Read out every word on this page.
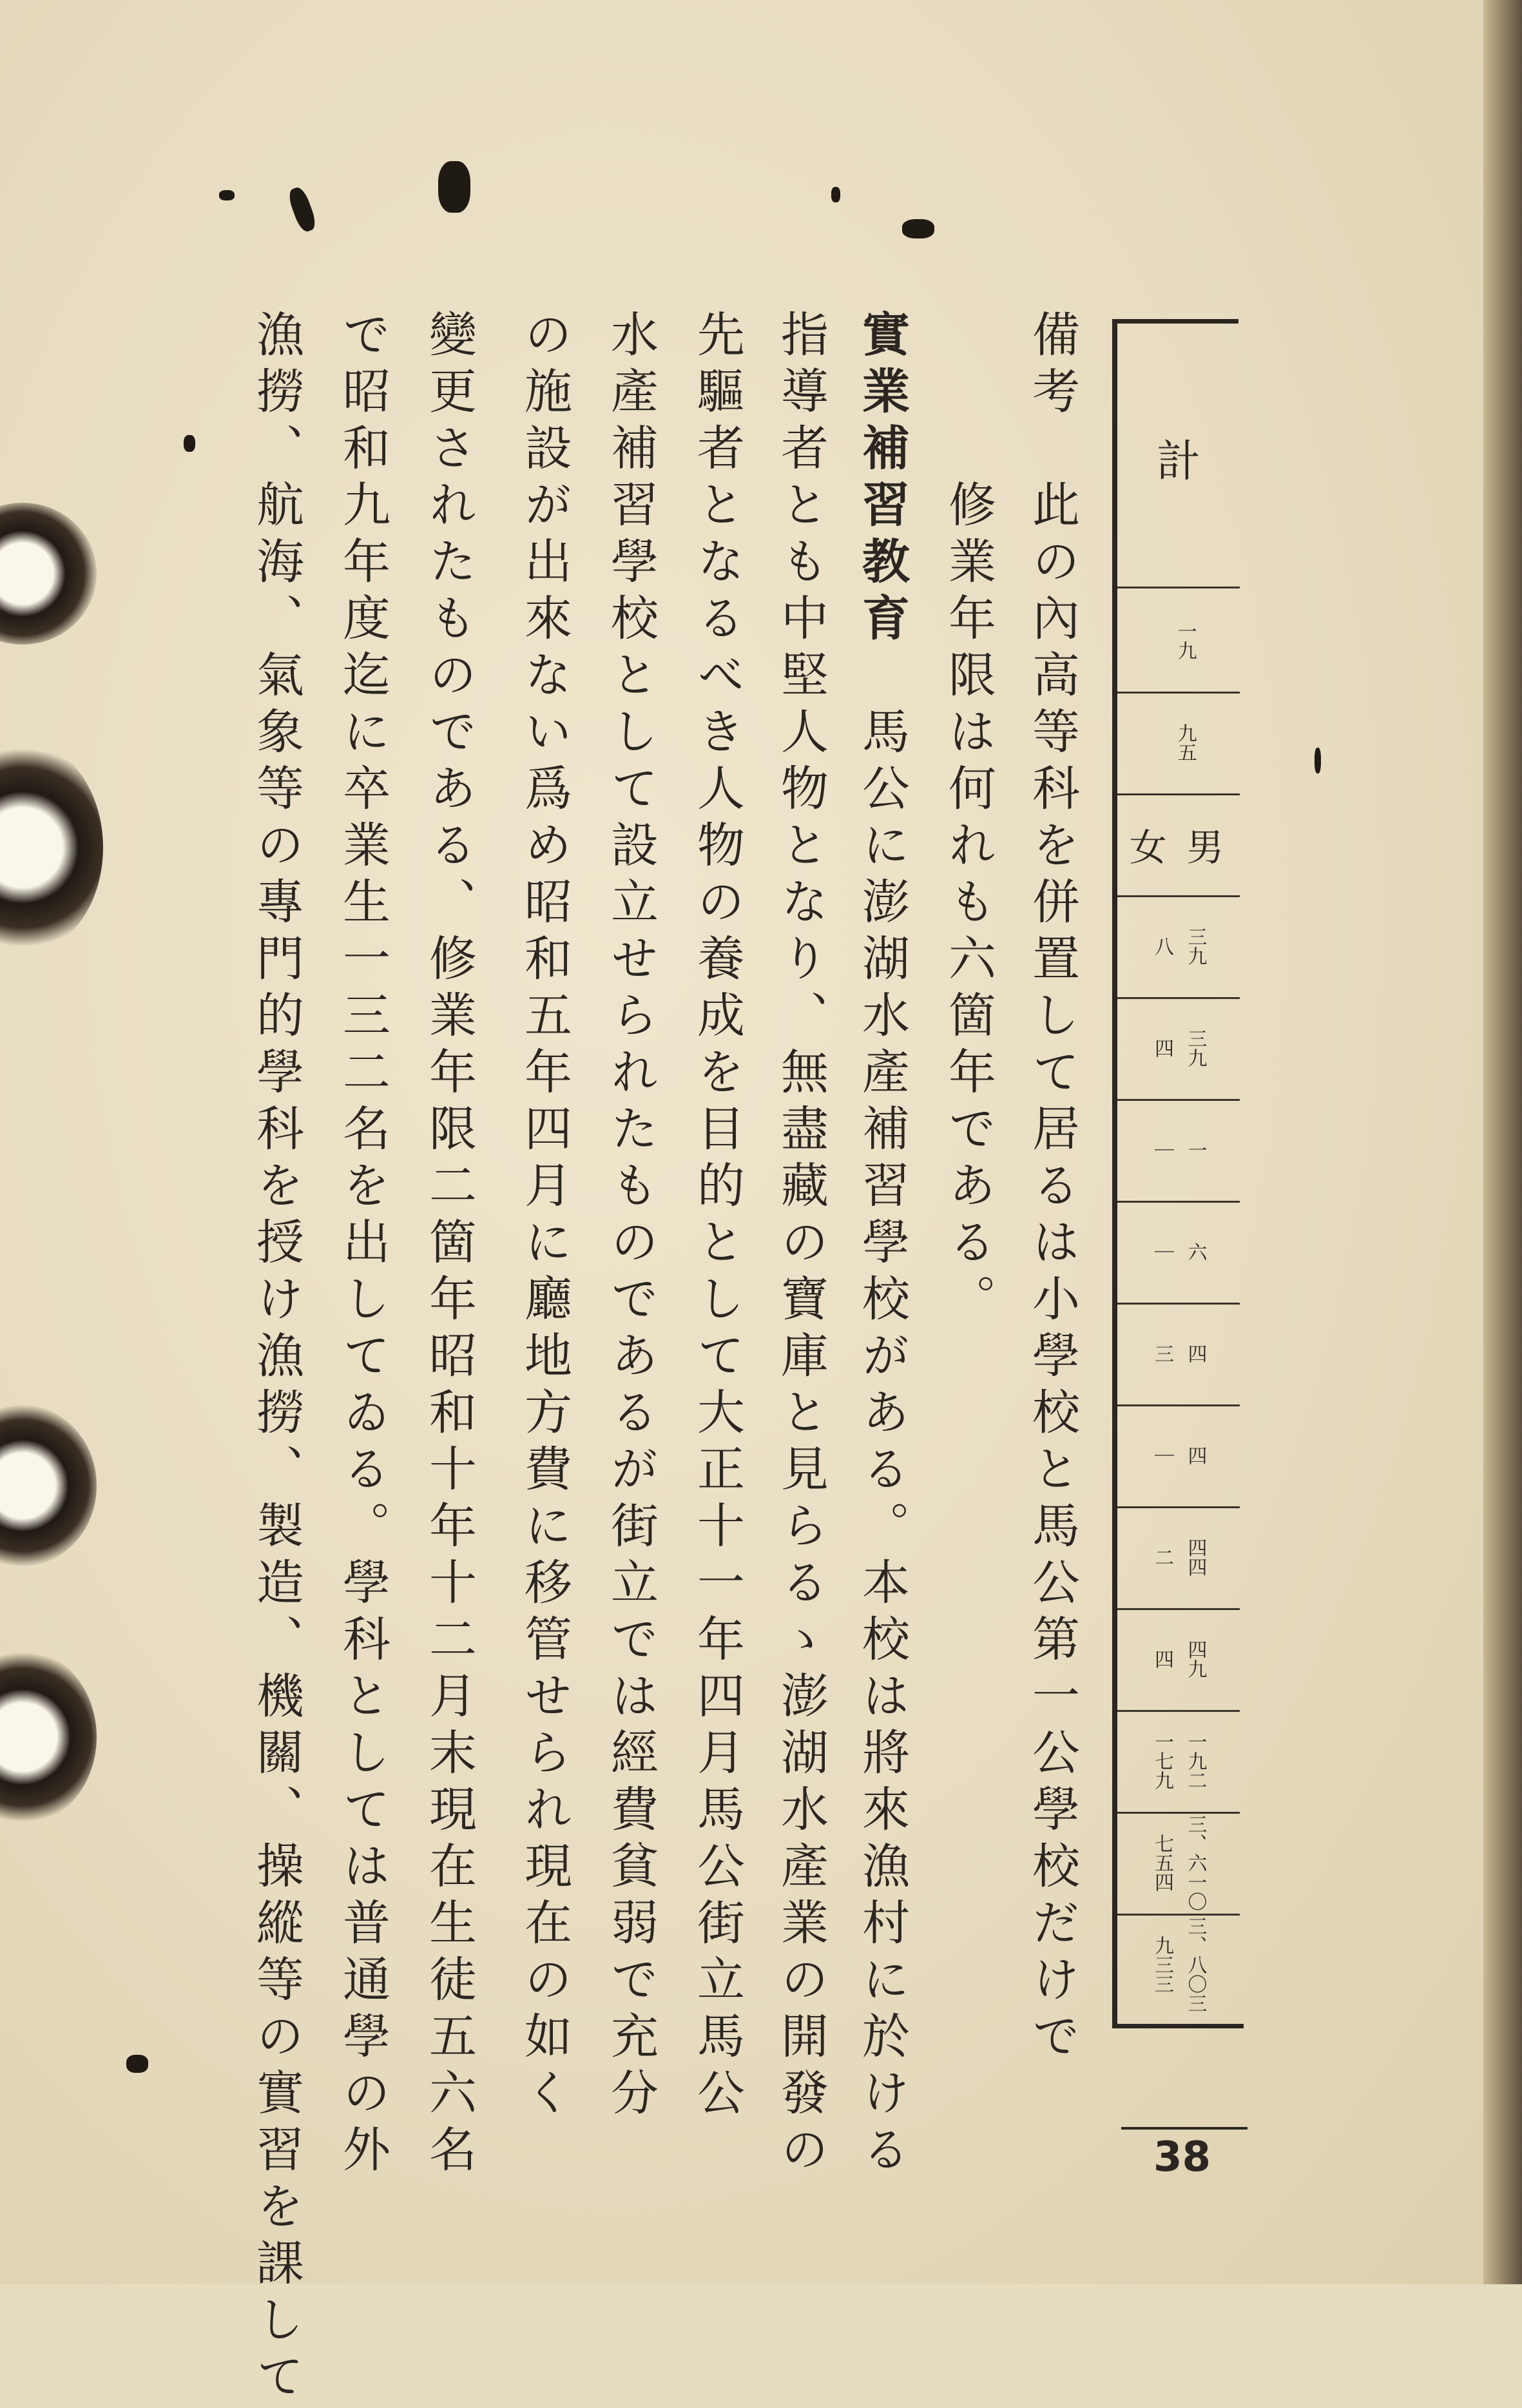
備考　此の內高等科を併置して居るは小學校と馬公第一公學校だけで
　　　修業年限は何れも六箇年である。
實業補習教育　馬公に澎湖水產補習學校がある。本校は將來漁村に於ける
指導者とも中堅人物となり、無盡藏の寶庫と見らるゝ澎湖水產業の開發の
先驅者となるべき人物の養成を目的として大正十一年四月馬公街立馬公
水產補習學校として設立せられたものであるが街立では經費貧弱で充分
の施設が出來ない爲め昭和五年四月に廳地方費に移管せられ現在の如く
變更されたものである、修業年限二箇年昭和十年十二月末現在生徒五六名
で昭和九年度迄に卒業生一三二名を出してゐる。學科としては普通學の外
漁撈、航海、氣象等の專門的學科を授け漁撈、製造、機關、操縱等の實習を課して	計
一九
九五
女 男
八 三九
四 三九
｜ 一
｜ 六
三 四
｜ 四
二 四四
四 四九
一七九 一九二
七五四 三、六一〇
九三三 三、八〇三
38
